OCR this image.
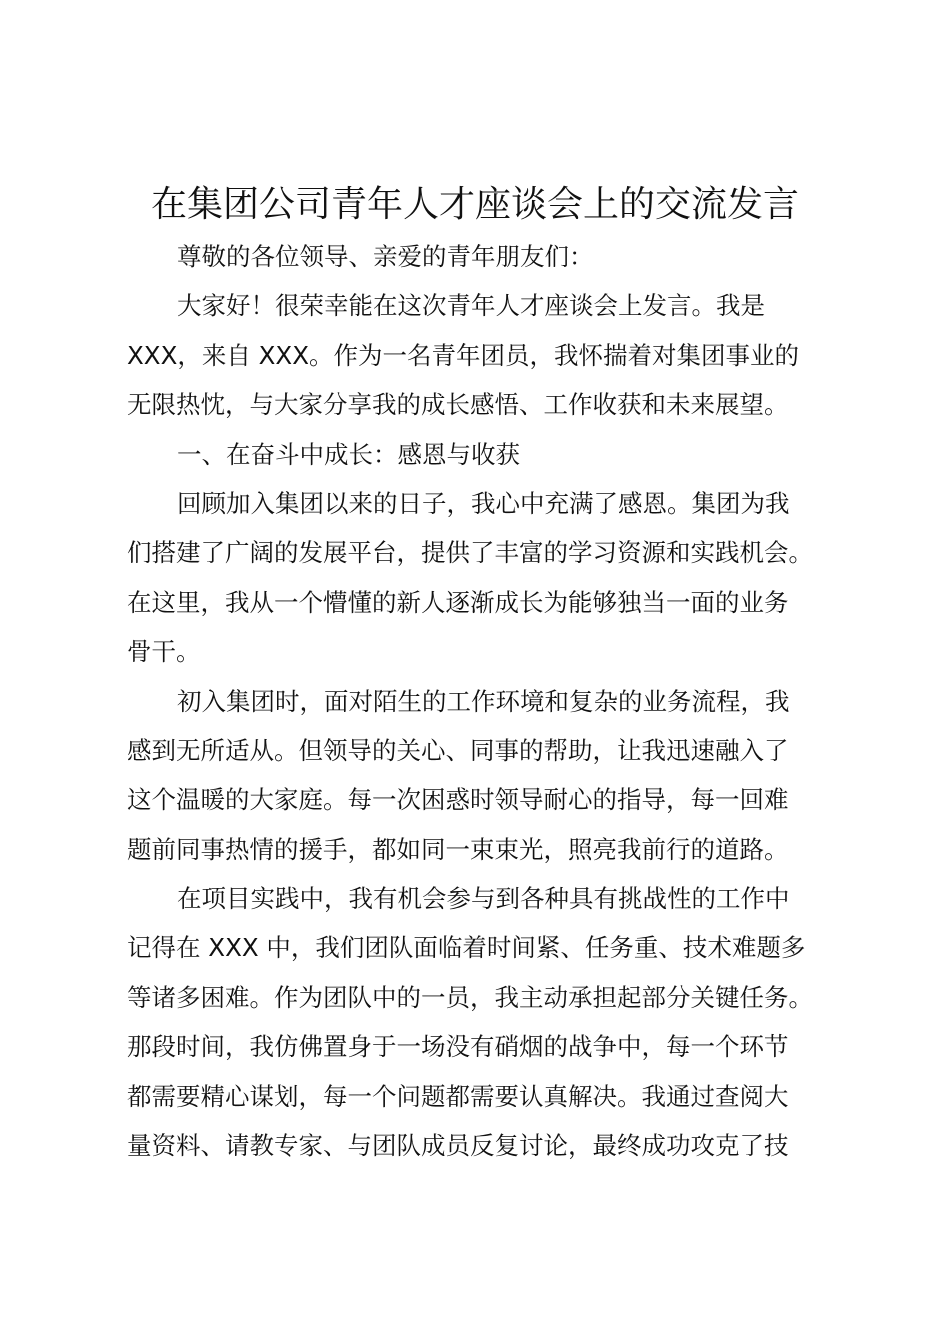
在集团公司青年人才座谈会上的交流发言
尊敬的各位领导、亲爱的青年朋友们：
大家好！很荣幸能在这次青年人才座谈会上发言。我是
XXX，来自 XXX。作为一名青年团员，我怀揣着对集团事业的
无限热忱，与大家分享我的成长感悟、工作收获和未来展望。
一、在奋斗中成长：感恩与收获
回顾加入集团以来的日子，我心中充满了感恩。集团为我
们搭建了广阔的发展平台，提供了丰富的学习资源和实践机会。
在这里，我从一个懵懂的新人逐渐成长为能够独当一面的业务
骨干。
初入集团时，面对陌生的工作环境和复杂的业务流程，我
感到无所适从。但领导的关心、同事的帮助，让我迅速融入了
这个温暖的大家庭。每一次困惑时领导耐心的指导，每一回难
题前同事热情的援手，都如同一束束光，照亮我前行的道路。
在项目实践中，我有机会参与到各种具有挑战性的工作中
记得在 XXX 中，我们团队面临着时间紧、任务重、技术难题多
等诸多困难。作为团队中的一员，我主动承担起部分关键任务。
那段时间，我仿佛置身于一场没有硝烟的战争中，每一个环节
都需要精心谋划，每一个问题都需要认真解决。我通过查阅大
量资料、请教专家、与团队成员反复讨论，最终成功攻克了技
